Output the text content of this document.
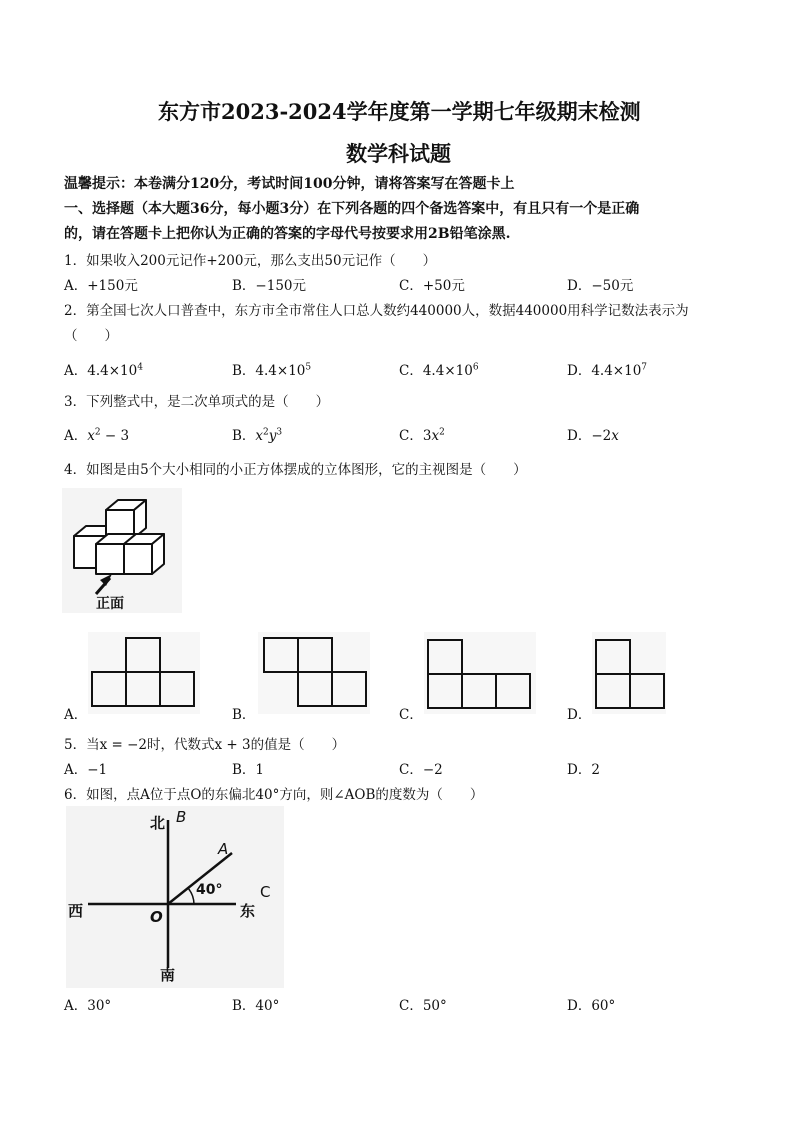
东方市2023-2024学年度第一学期七年级期末检测
数学科试题
温馨提示：本卷满分120分，考试时间100分钟，请将答案写在答题卡上
一、选择题（本大题36分，每小题3分）在下列各题的四个备选答案中，有且只有一个是正确
的，请在答题卡上把你认为正确的答案的字母代号按要求用2B铅笔涂黑.
1．如果收入200元记作+200元，那么支出50元记作（　　）
A．+150元	B．−150元	C．+50元	D．−50元
2．第全国七次人口普查中，东方市全市常住人口总人数约440000人，数据440000用科学记数法表示为
（　　）
A．$4.4\times 10^4$	B．$4.4\times 10^5$	C．$4.4\times 10^6$	D．$4.4\times 10^7$
3．下列整式中，是二次单项式的是（　　）
A．$x^2 - 3$	B．$x^2y^3$	C．$3x^2$	D．−2x
4．如图是由5个大小相同的小正方体摆成的立体图形，它的主视图是（　　）
正面
A．	B．	C．	D．
5．当x = −2时，代数式x + 3的值是（　　）
A．−1	B．1	C．−2	D．2
6．如图，点A位于点O的东偏北40°方向，则∠AOB的度数为（　　）
北 B
A
40°	C
西	O	东
南
A．30°	B．40°	C．50°	D．60°
